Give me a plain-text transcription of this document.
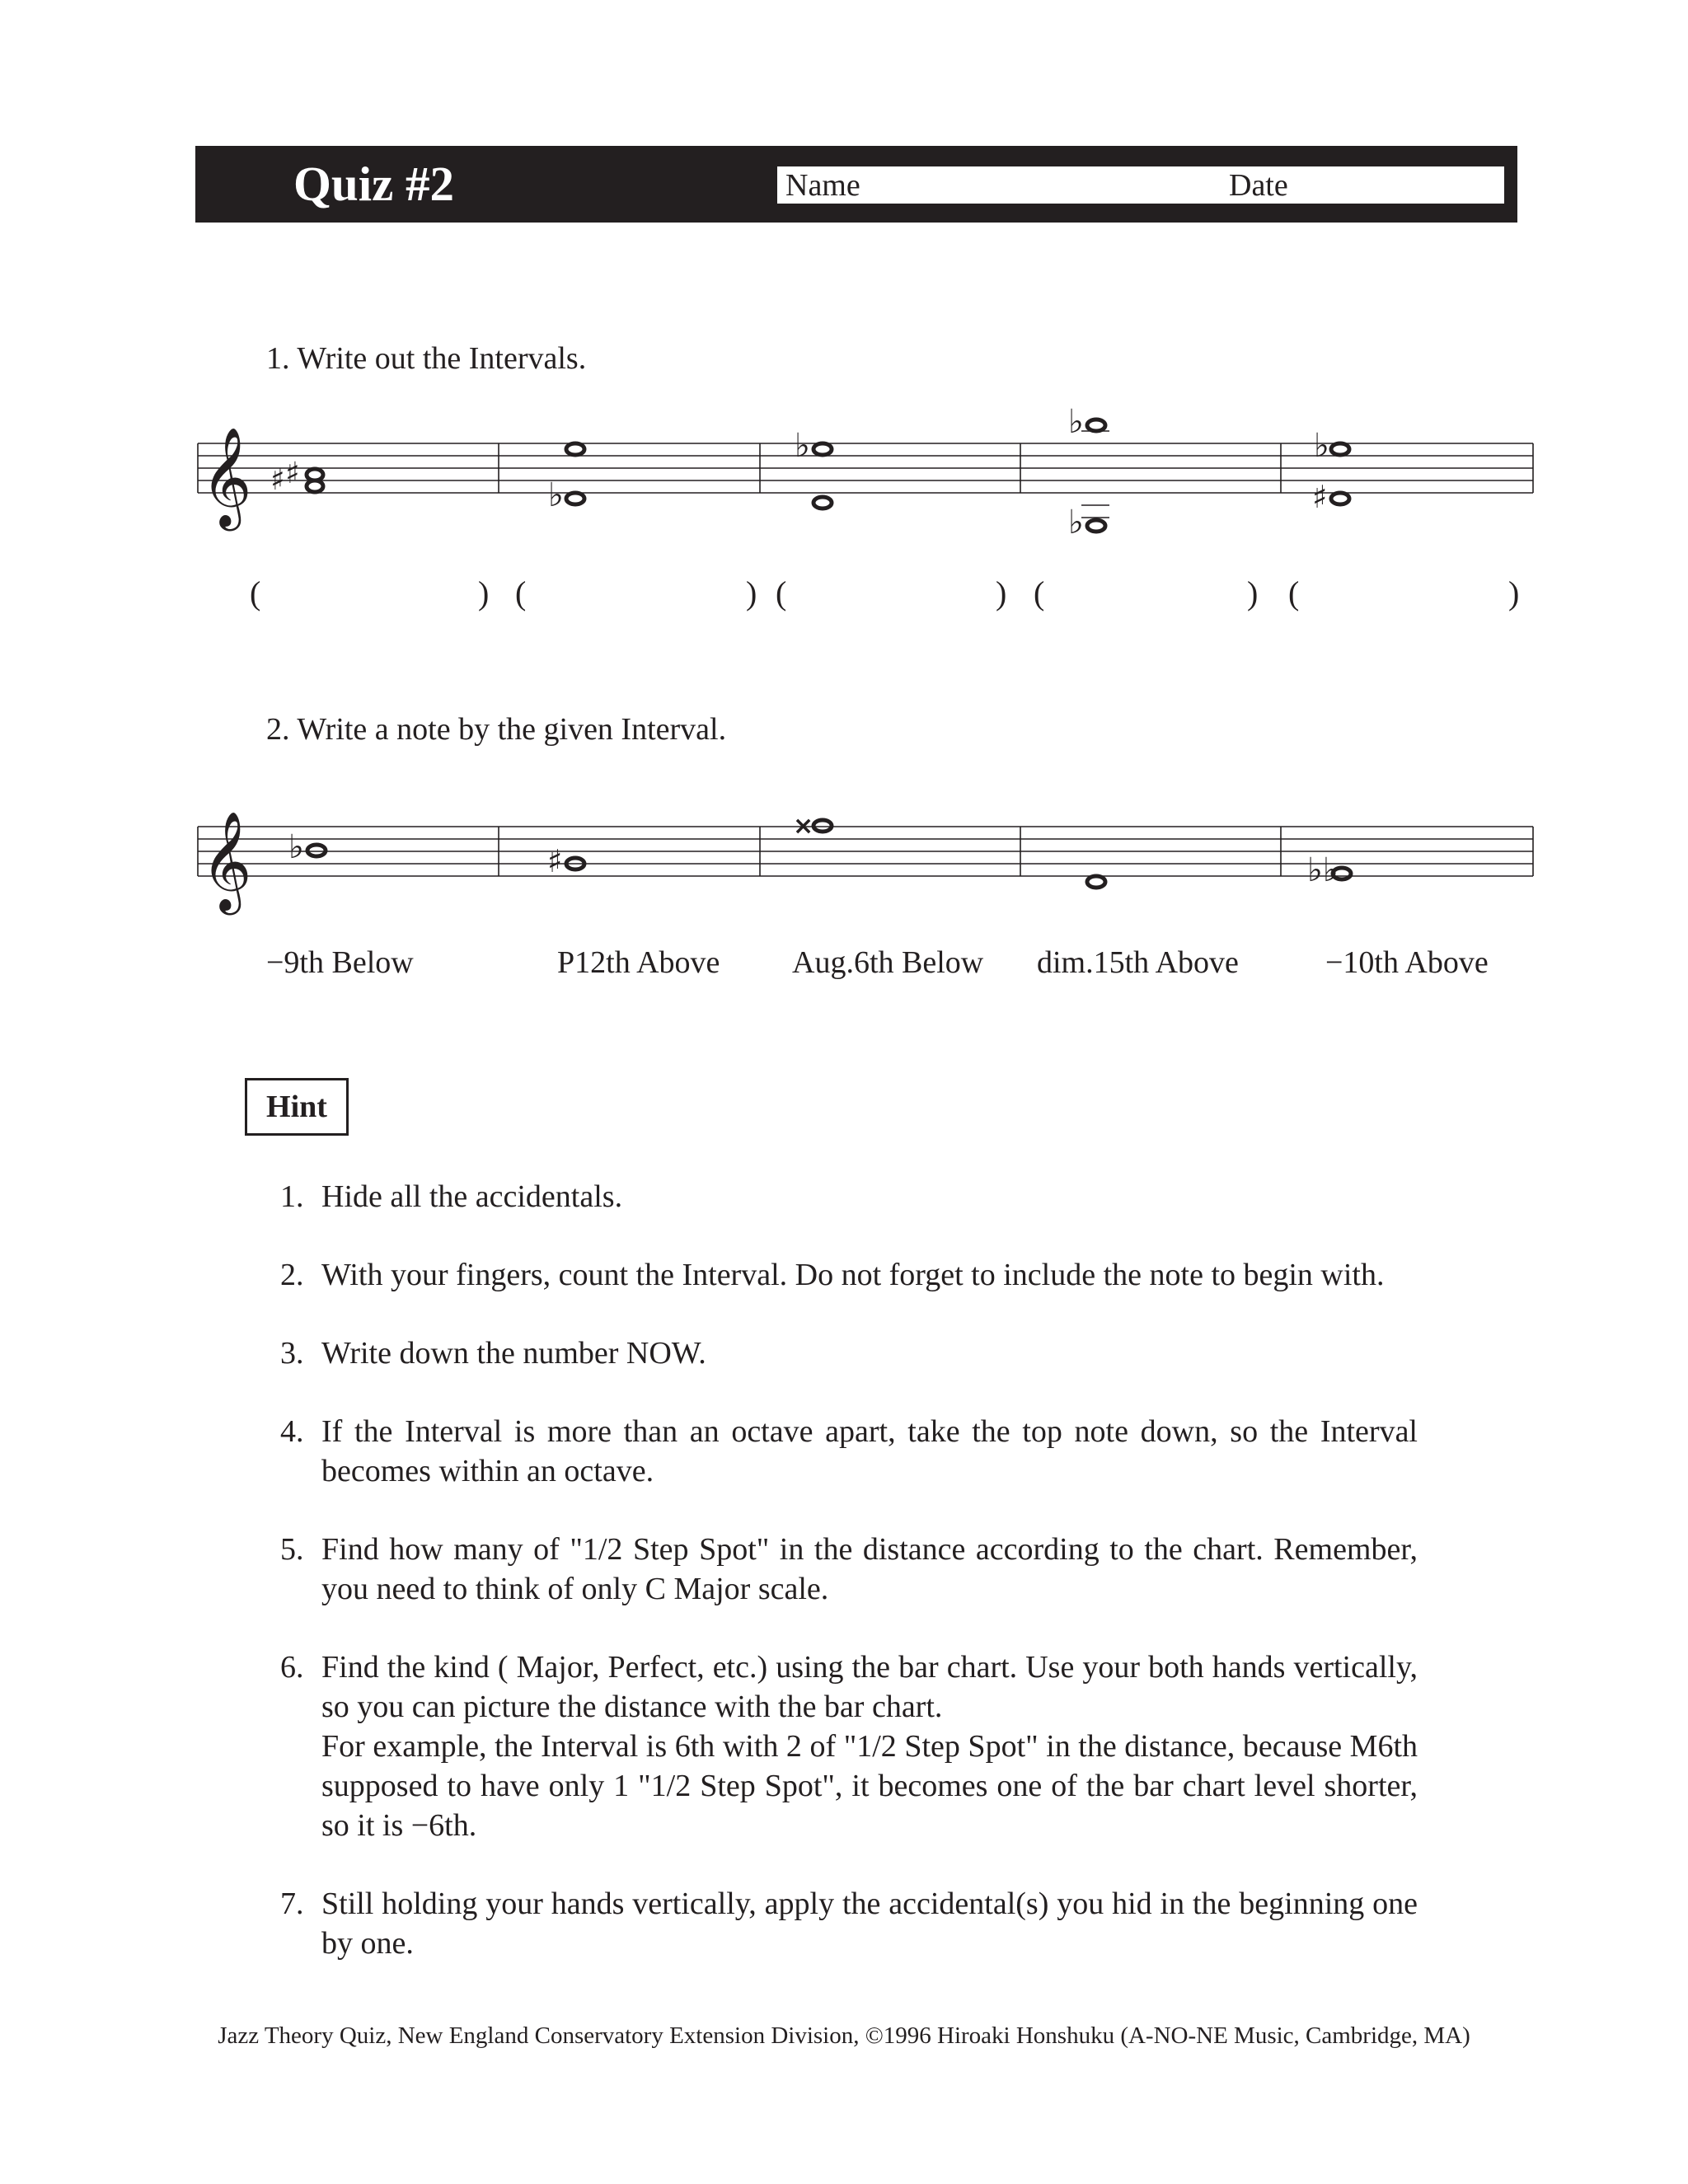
Quiz #2	Name	Date
1. Write out the Intervals.
𝄞 ♯ ♯
♭
♭
♭
♭
♭
♯
(	) (	) (	) (	) (	)
2. Write a note by the given Interval.
𝄞 ♭	♯
×
♭♭
−9th Below	P12th Above Aug.6th Below dim.15th Above	−10th Above
Hint
1. Hide all the accidentals.
2. With your fingers, count the Interval. Do not forget to include the note to begin with.
3. Write down the number NOW.
4. If the Interval is more than an octave apart, take the top note down, so the Interval becomes within an octave.
5. Find how many of "1/2 Step Spot" in the distance according to the chart. Remember, you need to think of only C Major scale.
6. Find the kind ( Major, Perfect, etc.) using the bar chart. Use your both hands vertically, so you can picture the distance with the bar chart.
For example, the Interval is 6th with 2 of "1/2 Step Spot" in the distance, because M6th supposed to have only 1 "1/2 Step Spot", it becomes one of the bar chart level shorter, so it is −6th.
7. Still holding your hands vertically, apply the accidental(s) you hid in the beginning one by one.
Jazz Theory Quiz, New England Conservatory Extension Division, ©1996 Hiroaki Honshuku (A-NO-NE Music, Cambridge, MA)
